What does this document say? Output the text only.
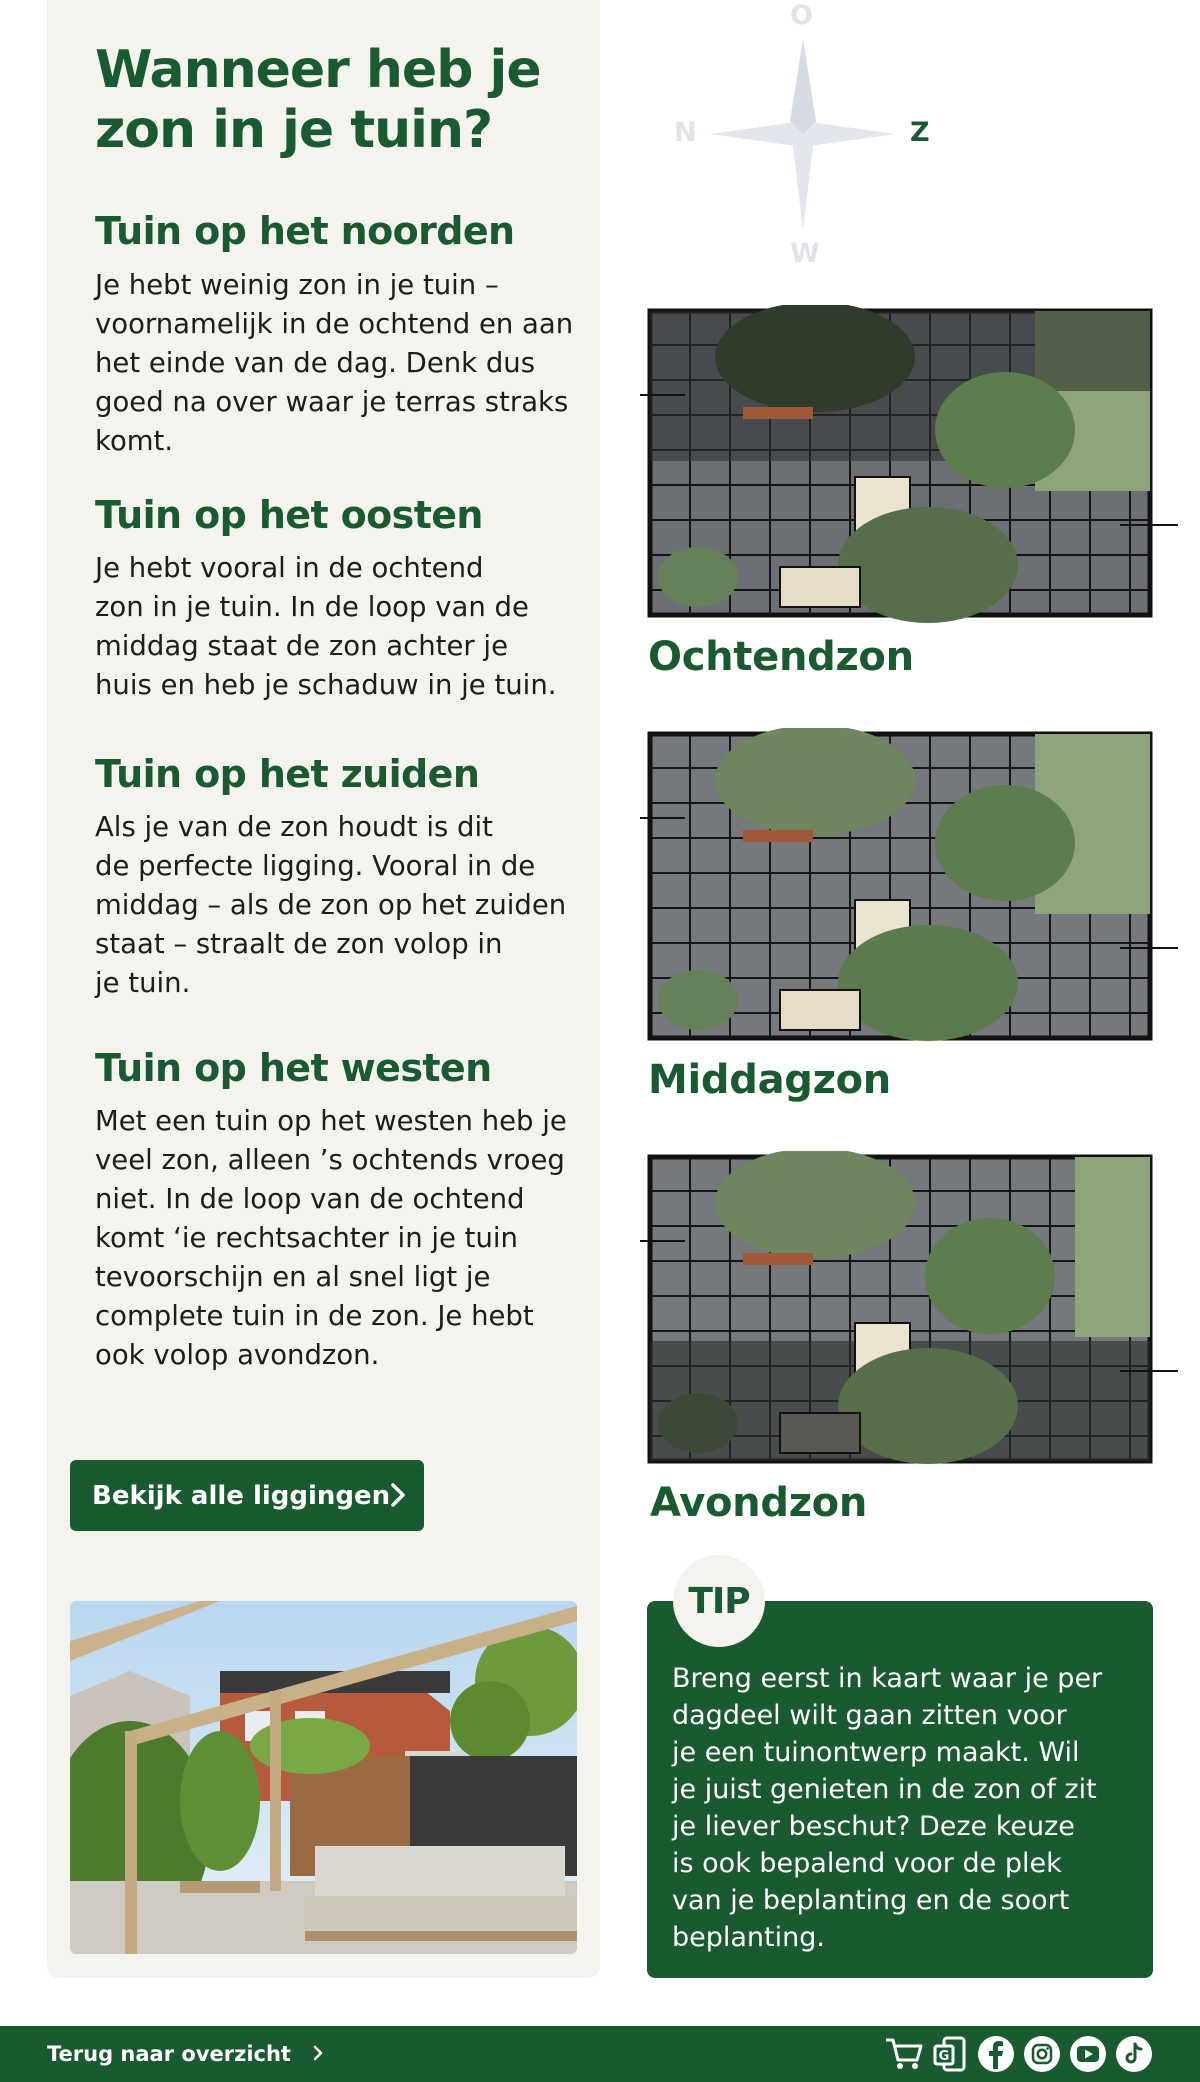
Wanneer heb je
zon in je tuin?
Tuin op het noorden

Je hebt weinig zon in je tuin –
voornamelijk in de ochtend en aan
het einde van de dag. Denk dus
goed na over waar je terras straks
komt.

Tuin op het oosten

Je hebt vooral in de ochtend
zon in je tuin. In de loop van de
middag staat de zon achter je
huis en heb je schaduw in je tuin.

Tuin op het zuiden

Als je van de zon houdt is dit
de perfecte ligging. Vooral in de
middag – als de zon op het zuiden
staat – straalt de zon volop in
je tuin.

Tuin op het westen

Met een tuin op het westen heb je
veel zon, alleen ’s ochtends vroeg
niet. In de loop van de ochtend
komt ‘ie rechtsachter in je tuin
tevoorschijn en al snel ligt je
complete tuin in de zon. Je hebt
ook volop avondzon.

Bekijk alle liggingen
O
N	Z
W

Ochtendzon

Middagzon

Avondzon

TIP

Breng eerst in kaart waar je per
dagdeel wilt gaan zitten voor
je een tuinontwerp maakt. Wil
je juist genieten in de zon of zit
je liever beschut? Deze keuze
is ook bepalend voor de plek
van je beplanting en de soort
beplanting.

Terug naar overzicht	G
